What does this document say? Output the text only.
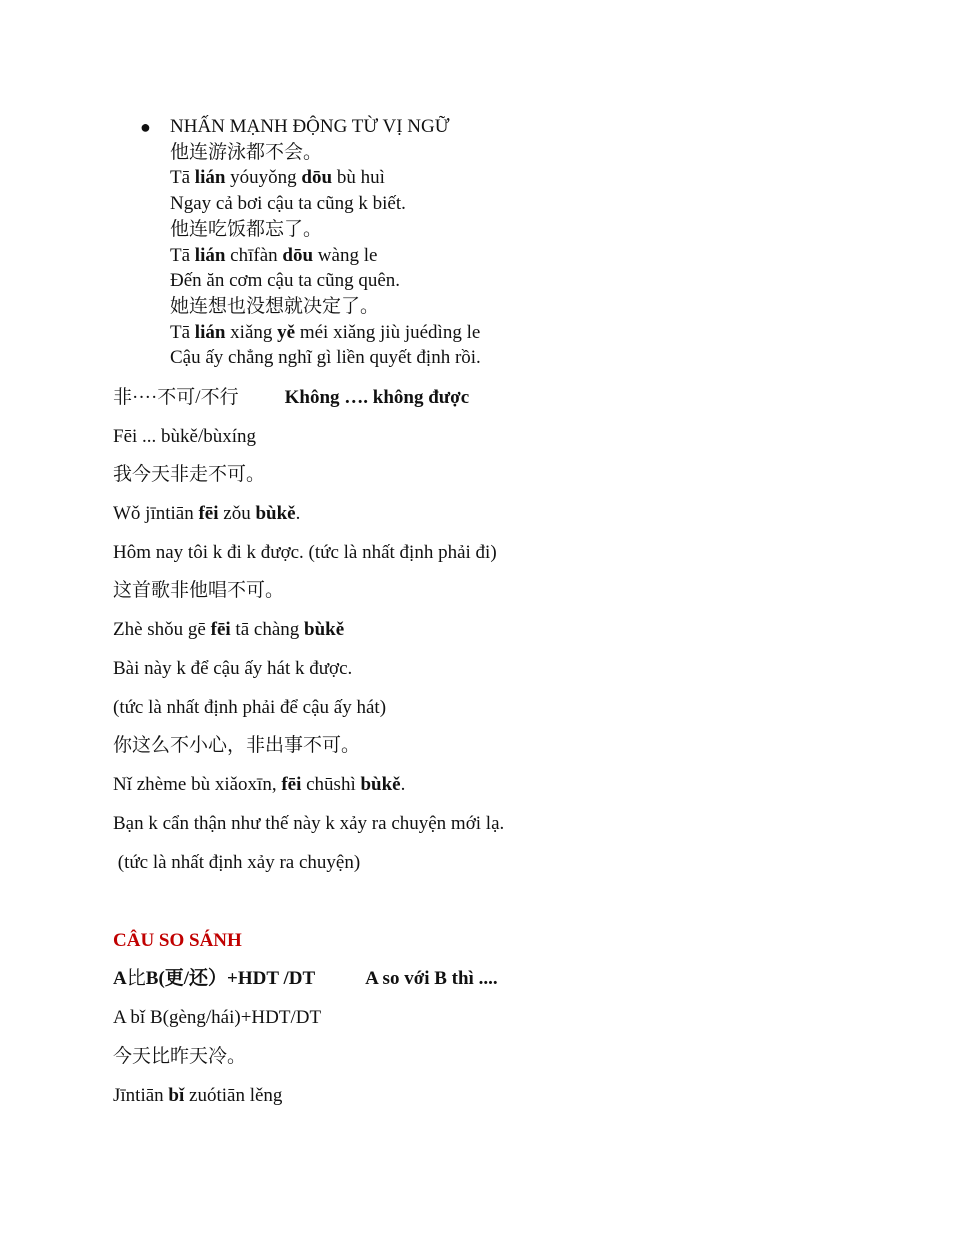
●	NHẤN MẠNH ĐỘNG TỪ VỊ NGỮ
他连游泳都不会。
Tā lián yóuyǒng dōu bù huì
Ngay cả bơi cậu ta cũng k biết.
他连吃饭都忘了。
Tā lián chīfàn dōu wàng le
Đến ăn cơm cậu ta cũng quên.
她连想也没想就决定了。
Tā lián xiǎng yě méi xiǎng jiù juédìng le
Cậu ấy chẳng nghĩ gì liền quyết định rồi.
非····不可/不行 Không …. không được
Fēi ... bùkě/bùxíng
我今天非走不可。
Wǒ jīntiān fēi zǒu bùkě.
Hôm nay tôi k đi k được. (tức là nhất định phải đi)
这首歌非他唱不可。
Zhè shǒu gē fēi tā chàng bùkě
Bài này k để cậu ấy hát k được.
(tức là nhất định phải để cậu ấy hát)
你这么不小心，非出事不可。
Nǐ zhème bù xiǎoxīn, fēi chūshì bùkě.
Bạn k cẩn thận như thế này k xảy ra chuyện mới lạ.
(tức là nhất định xảy ra chuyện)
CÂU SO SÁNH
A比B(更/还）+HDT /DT	A so với B thì ....
A bǐ B(gèng/hái)+HDT/DT
今天比昨天冷。
Jīntiān bǐ zuótiān lěng
